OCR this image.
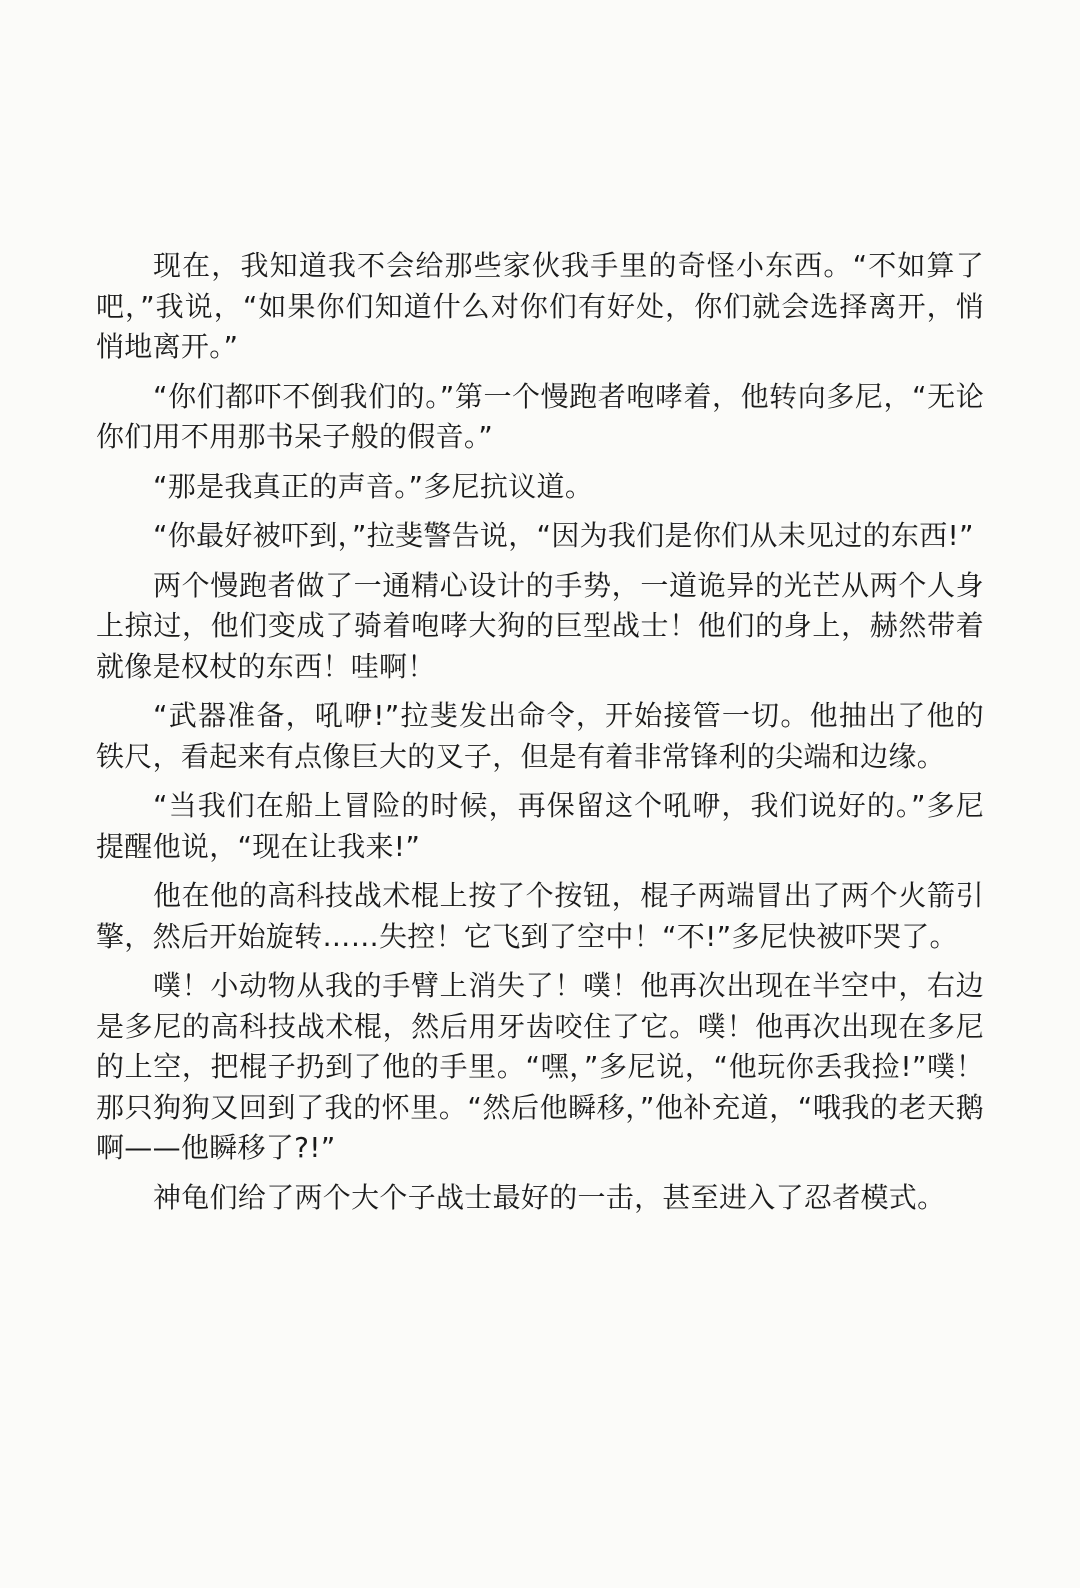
现在，我知道我不会给那些家伙我手里的奇怪小东西。“不如算了吧，”我说，“如果你们知道什么对你们有好处，你们就会选择离开，悄悄地离开。”

“你们都吓不倒我们的。”第一个慢跑者咆哮着，他转向多尼，“无论你们用不用那书呆子般的假音。”

“那是我真正的声音。”多尼抗议道。

“你最好被吓到，”拉斐警告说，“因为我们是你们从未见过的东西!”

两个慢跑者做了一通精心设计的手势，一道诡异的光芒从两个人身上掠过，他们变成了骑着咆哮大狗的巨型战士！他们的身上，赫然带着就像是权杖的东西！哇啊！

“武器准备，吼咿!”拉斐发出命令，开始接管一切。他抽出了他的铁尺，看起来有点像巨大的叉子，但是有着非常锋利的尖端和边缘。

“当我们在船上冒险的时候，再保留这个吼咿，我们说好的。”多尼提醒他说，“现在让我来!”

他在他的高科技战术棍上按了个按钮，棍子两端冒出了两个火箭引擎，然后开始旋转……失控！它飞到了空中！“不!”多尼快被吓哭了。

噗！小动物从我的手臂上消失了！噗！他再次出现在半空中，右边是多尼的高科技战术棍，然后用牙齿咬住了它。噗！他再次出现在多尼的上空，把棍子扔到了他的手里。“嘿，”多尼说，“他玩你丢我捡!”噗！那只狗狗又回到了我的怀里。“然后他瞬移，”他补充道，“哦我的老天鹅啊——他瞬移了?!”

神龟们给了两个大个子战士最好的一击，甚至进入了忍者模式。
